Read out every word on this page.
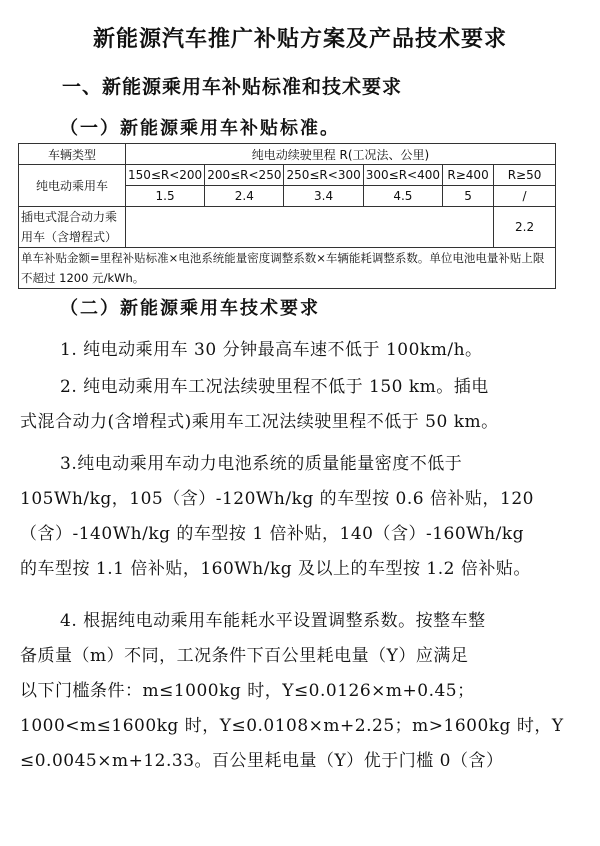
新能源汽车推广补贴方案及产品技术要求
一、新能源乘用车补贴标准和技术要求
（一）新能源乘用车补贴标准。
车辆类型	纯电动续驶里程 R(工况法、公里)					
纯电动乘用车	150≤R<200	200≤R<250	250≤R<300	300≤R<400	R≥400	R≥50
	1.5	2.4	3.4	4.5	5	/

插电式混合动力乘
用车（含增程式）						2.2
单车补贴金额=里程补贴标准×电池系统能量密度调整系数×车辆能耗调整系数。单位电池电量补贴上限不超过 1200 元/kWh。						
（二）新能源乘用车技术要求
1. 纯电动乘用车 30 分钟最高车速不低于 100km/h。
2. 纯电动乘用车工况法续驶里程不低于 150 km。插电
式混合动力(含增程式)乘用车工况法续驶里程不低于 50 km。
3.纯电动乘用车动力电池系统的质量能量密度不低于
105Wh/kg，105（含）-120Wh/kg 的车型按 0.6 倍补贴，120
（含）-140Wh/kg 的车型按 1 倍补贴，140（含）-160Wh/kg
的车型按 1.1 倍补贴，160Wh/kg 及以上的车型按 1.2 倍补贴。
4. 根据纯电动乘用车能耗水平设置调整系数。按整车整
备质量（m）不同，工况条件下百公里耗电量（Y）应满足
以下门槛条件：m≤1000kg 时，Y≤0.0126×m+0.45；
1000<m≤1600kg 时，Y≤0.0108×m+2.25；m>1600kg 时，Y
≤0.0045×m+12.33。百公里耗电量（Y）优于门槛 0（含）
